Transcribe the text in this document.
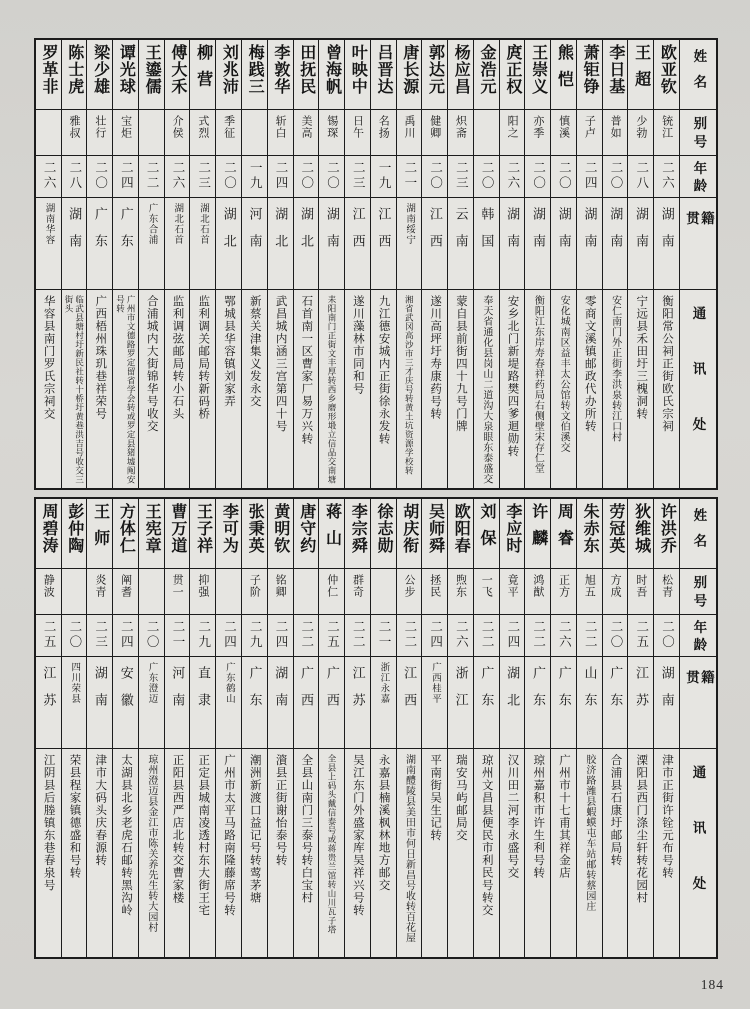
姓名
别号
年龄
籍贯
通讯处
欧亚钦
铳江
二六
湖南
衡阳常公祠正街欧氏宗祠
王超
少勃
二八
湖南
宁远县禾田圩三槐洞转
李日基
普如
二〇
湖南
安仁南门外正街李洪泉转江口村
萧钜铮
子卢
二四
湖南
零商文溪镇邮政代办所转
熊恺
慎溪
二〇
湖南
安化城南区益丰太公馆转文伯溪交
王崇义
亦季
二〇
湖南
衡阳江东岸寿春祥药局右侧壁宋存仁堂
庹正权
阳之
二六
湖南
安乡北门新堤路樊四爹迴勋转
金浩元
二〇
韩国
奉天省通化县岗山二道沟大泉眼东泰盛交
杨应昌
炽斋
二三
云南
蒙自县前街四十九号门牌
郭达元
健卿
二〇
江西
遂川高坪圩寿康药号转
唐长源
禹川
二一
湖南绥宁
湘省武冈高沙市三才庆号转黄土坑资源学校转
吕晋达
名扬
一九
江西
九江德安城内正街徐永发转
叶映中
日午
二三
江西
遂川藻林市同和号
曾海帆
锡琛
二〇
湖南
耒阳南门正街文丰厚转西乡磨形塅立信品交南塘
田抚民
美高
二〇
湖北
石首南一区曹家厂易万兴转
李敦华
斩白
二四
湖北
武昌城内涵三宫第四十号
梅践三
一九
河南
新蔡关津集义发永交
刘兆沛
季征
二〇
湖北
鄂城县华容镇刘家弄
柳营
式烈
二三
湖北石首
监利调关邮局转新码桥
傅大禾
介侯
二六
湖北石首
监利调弦邮局转小石头
王鎏儒
二二
广东合浦
合浦城内大街锦华号收交
谭光球
宝炬
二四
广东
广州市文德路罗定留省学会转或罗定县猪墟阄安号转
梁少雄
壮行
二〇
广东
广西梧州珠玑巷祥荣号
陈士虎
雅叔
二八
湖南
临武县塘村圩新民社转十桥圩黄巷洪吉号收交三街头
罗革非
二六
湖南华容
华容县南门罗氏宗祠交
姓名
别号
年龄
籍贯
通讯处
许洪乔
松青
二〇
湖南
津市正街许铨元布号转
狄维城
时吾
二五
江苏
溧阳县西门涤尘轩转花园村
劳冠英
方成
二〇
广东
合浦县石康圩邮局转
朱赤东
旭五
二二
山东
胶济路潍县蝦蟆屯车站邮转蔡园庄
周睿
正方
二六
广东
广州市十七甫其祥金店
许麟
鸿猷
二二
广东
琼州嘉积市许生利号转
李应时
竟平
二四
湖北
汉川田二河李永盛号交
刘保
一飞
二二
广东
琼州文昌县便民市利民号转交
欧阳春
煦东
二六
浙江
瑞安马屿邮局交
吴师舜
拯民
二四
广西桂平
平南街吴生记转
胡庆衔
公步
二二
江西
湖南醴陵县美田市何日新昌号收转百花屋
徐志勋
二一
浙江永嘉
永嘉县楠溪枫林地方邮交
李宗舜
群奇
二二
江苏
吴江东门外盛家库吴祥兴号转
蒋山
仲仁
二五
广西
全县上码头戴信泰号或蒋贵兰馆转山川瓦子塔
唐守约
二二
广西
全县山南门三泰号转白宝村
黄明钦
铭卿
二四
湖南
澬县正街谢怡泰号转
张秉英
子阶
二九
广东
潮洲新渡口益记号转莺茅塘
李可为
二四
广东鹤山
广州市太平马路南隆藤席号转
王子祥
抑强
二九
直隶
正定县城南凌透村东大街王宅
曹万道
贯一
二一
河南
正阳县西严店北转交曹家楼
王宪章
二〇
广东澄迈
琼州澄迈县金江市陈关养先生转大园村
方体仁
阐耆
二四
安徽
太湖县北乡老虎石邮转黑沟岭
王师
炎青
二三
湖南
津市大码头庆春源转
彭仲陶
二〇
四川荣县
荣县程家镇德盛和号转
周碧涛
静波
二五
江苏
江阴县后塍镇东巷春泉号
184
